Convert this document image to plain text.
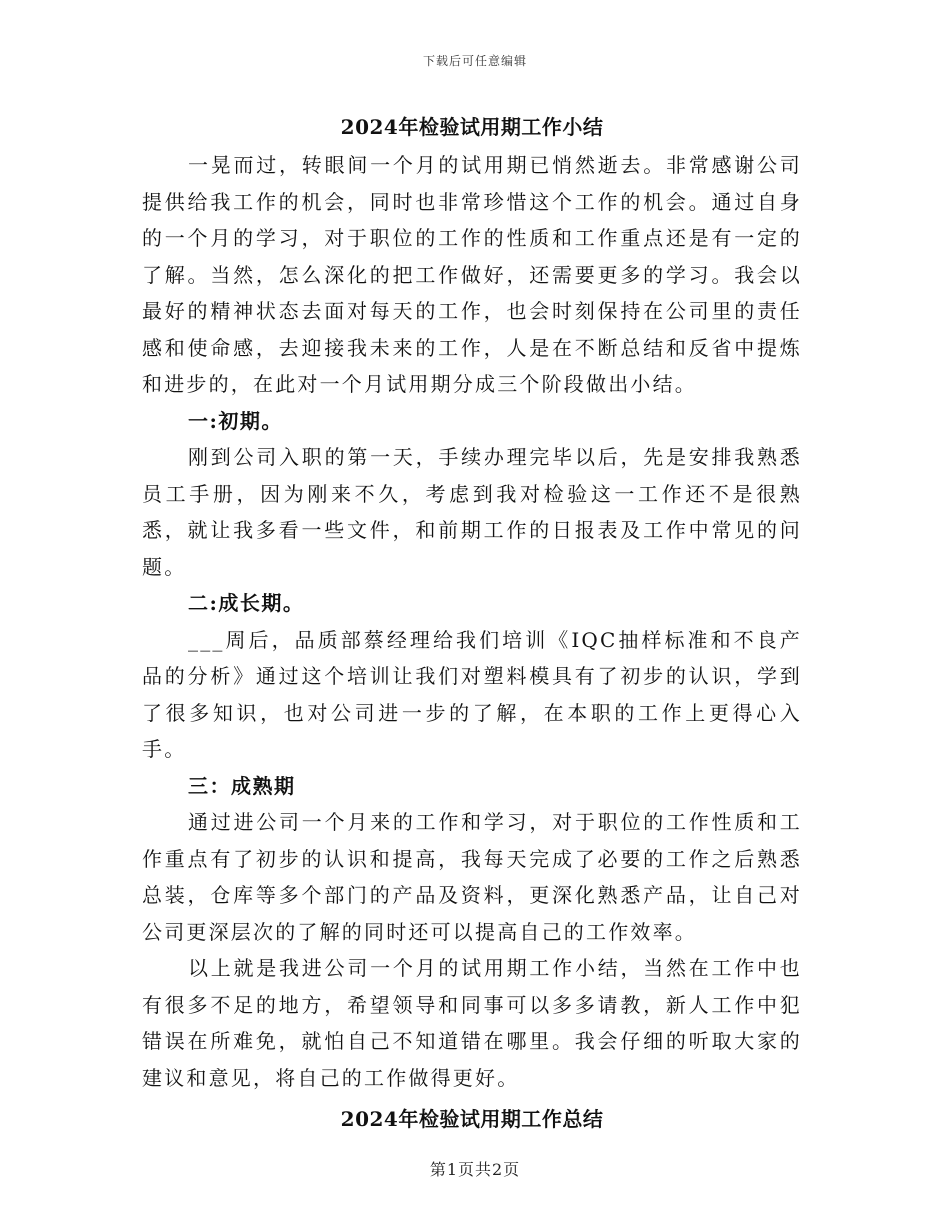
下载后可任意编辑
2024年检验试用期工作小结

一晃而过，转眼间一个月的试用期已悄然逝去。非常感谢公司提供给我工作的机会，同时也非常珍惜这个工作的机会。通过自身的一个月的学习，对于职位的工作的性质和工作重点还是有一定的了解。当然，怎么深化的把工作做好，还需要更多的学习。我会以最好的精神状态去面对每天的工作，也会时刻保持在公司里的责任感和使命感，去迎接我未来的工作，人是在不断总结和反省中提炼和进步的，在此对一个月试用期分成三个阶段做出小结。

一:初期。

刚到公司入职的第一天，手续办理完毕以后，先是安排我熟悉员工手册，因为刚来不久，考虑到我对检验这一工作还不是很熟悉，就让我多看一些文件，和前期工作的日报表及工作中常见的问题。

二:成长期。

___周后，品质部蔡经理给我们培训《IQC抽样标准和不良产品的分析》通过这个培训让我们对塑料模具有了初步的认识，学到了很多知识，也对公司进一步的了解，在本职的工作上更得心入手。

三：成熟期

通过进公司一个月来的工作和学习，对于职位的工作性质和工作重点有了初步的认识和提高，我每天完成了必要的工作之后熟悉总装，仓库等多个部门的产品及资料，更深化熟悉产品，让自己对公司更深层次的了解的同时还可以提高自己的工作效率。

以上就是我进公司一个月的试用期工作小结，当然在工作中也有很多不足的地方，希望领导和同事可以多多请教，新人工作中犯错误在所难免，就怕自己不知道错在哪里。我会仔细的听取大家的建议和意见，将自己的工作做得更好。

2024年检验试用期工作总结
第1页共2页
